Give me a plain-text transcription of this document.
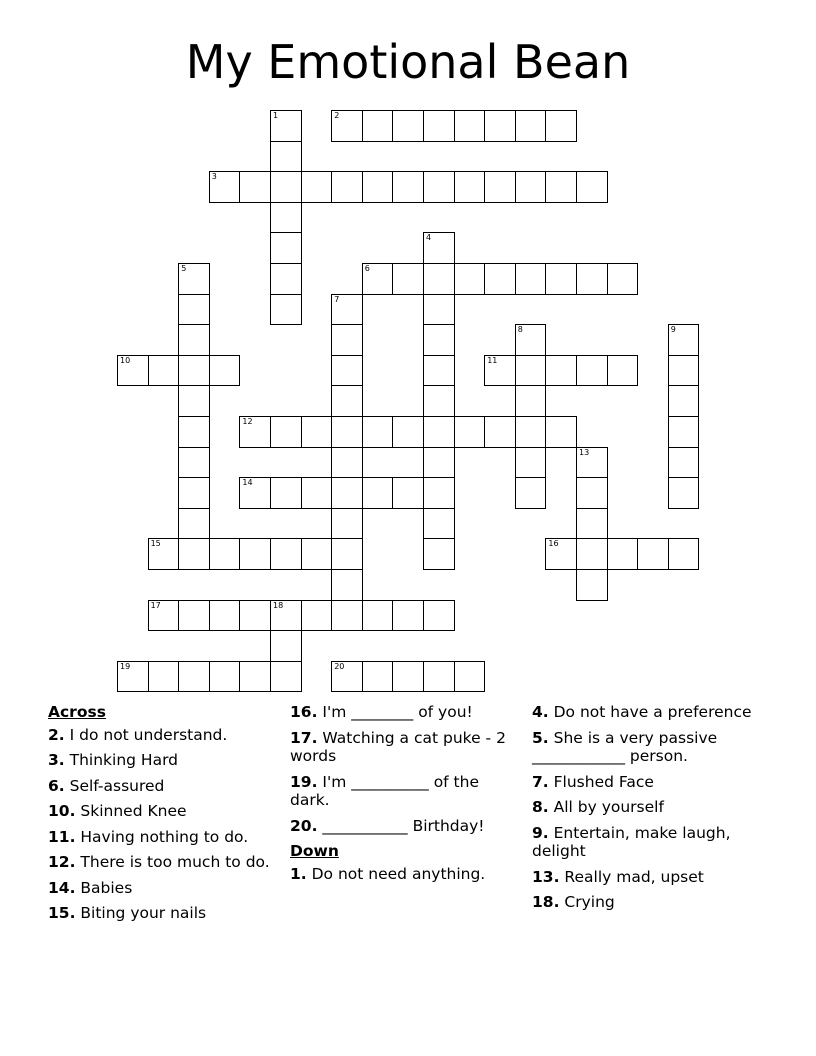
My Emotional Bean
1	2
3
4
5	6
7
8	9
10	11
12
13
14
15	16
17	18
19	20
Across
2. I do not understand.
3. Thinking Hard
6. Self-assured
10. Skinned Knee
11. Having nothing to do.
12. There is too much to do.
14. Babies
15. Biting your nails
16. I'm ________ of you!
17. Watching a cat puke - 2 words
19. I'm __________ of the dark.
20. ___________ Birthday!
Down
1. Do not need anything.
4. Do not have a preference
5. She is a very passive ____________ person.
7. Flushed Face
8. All by yourself
9. Entertain, make laugh, delight
13. Really mad, upset
18. Crying
